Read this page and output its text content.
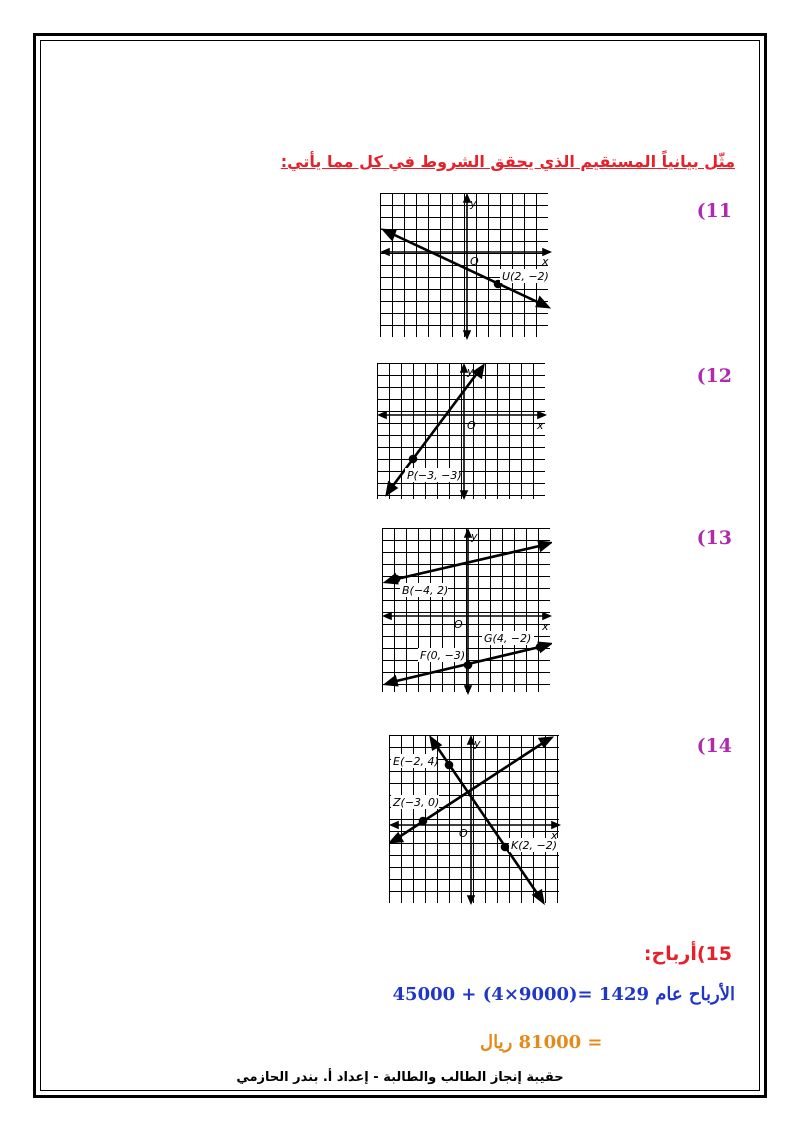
مثّل بيانياً المستقيم الذي يحقق الشروط في كل مما يأتي:
(11
U(2, −2)
y
x
O
(12
P(−3, −3)
y
x
O
(13
B(−4, 2)
G(4, −2)
F(0, −3)
y
x
O
(14
E(−2, 4)
Z(−3, 0)
K(2, −2)
y
x
O
15)أرباح:
الأرباح عام 1429 =(9000×4) + 45000
= 81000 ريال
حقيبة إنجاز الطالب والطالبة - إعداد أ. بندر الحازمي
